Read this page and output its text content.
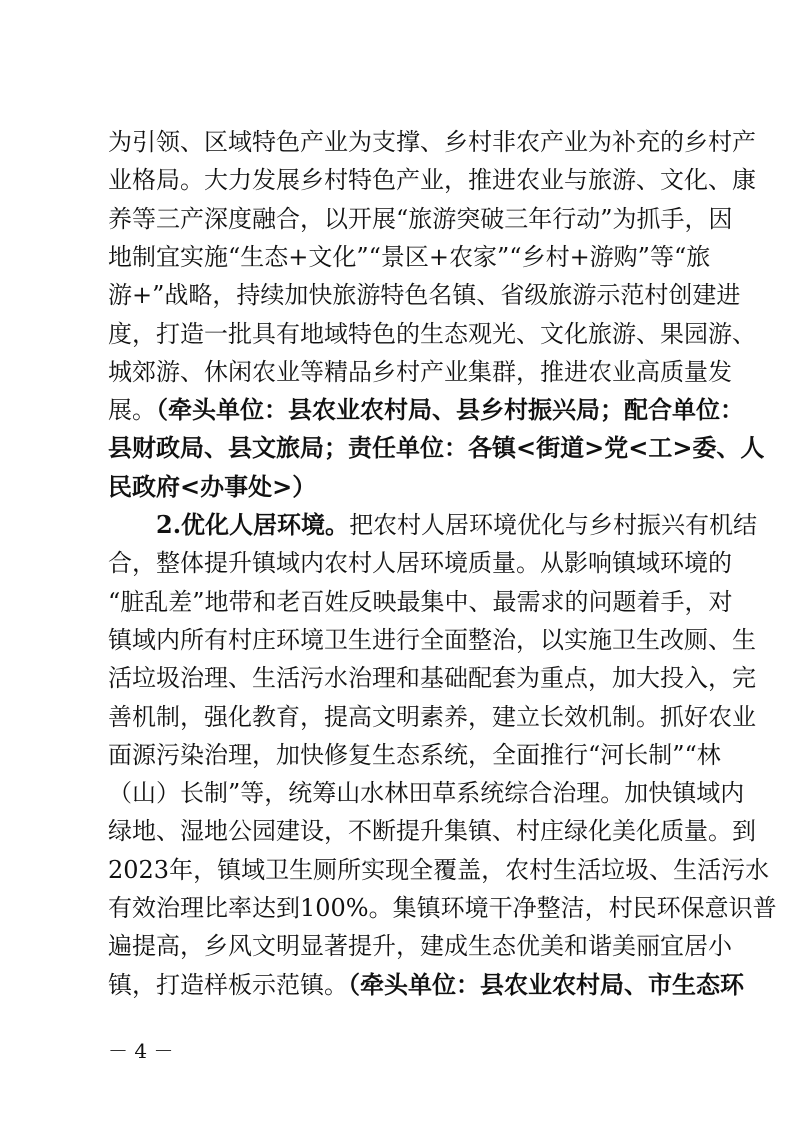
为引领、区域特色产业为支撑、乡村非农产业为补充的乡村产
业格局。大力发展乡村特色产业，推进农业与旅游、文化、康
养等三产深度融合，以开展“旅游突破三年行动”为抓手，因
地制宜实施“生态+文化”“景区+农家”“乡村+游购”等“旅
游+”战略，持续加快旅游特色名镇、省级旅游示范村创建进
度，打造一批具有地域特色的生态观光、文化旅游、果园游、
城郊游、休闲农业等精品乡村产业集群，推进农业高质量发
展。（牵头单位：县农业农村局、县乡村振兴局；配合单位：
县财政局、县文旅局；责任单位：各镇<街道>党<工>委、人
民政府<办事处>）
2.优化人居环境。把农村人居环境优化与乡村振兴有机结
合，整体提升镇域内农村人居环境质量。从影响镇域环境的
“脏乱差”地带和老百姓反映最集中、最需求的问题着手，对
镇域内所有村庄环境卫生进行全面整治，以实施卫生改厕、生
活垃圾治理、生活污水治理和基础配套为重点，加大投入，完
善机制，强化教育，提高文明素养，建立长效机制。抓好农业
面源污染治理，加快修复生态系统，全面推行“河长制”“林
（山）长制”等，统筹山水林田草系统综合治理。加快镇域内
绿地、湿地公园建设，不断提升集镇、村庄绿化美化质量。到
2023年，镇域卫生厕所实现全覆盖，农村生活垃圾、生活污水
有效治理比率达到100%。集镇环境干净整洁，村民环保意识普
遍提高，乡风文明显著提升，建成生态优美和谐美丽宜居小
镇，打造样板示范镇。（牵头单位：县农业农村局、市生态环
－ 4 －
